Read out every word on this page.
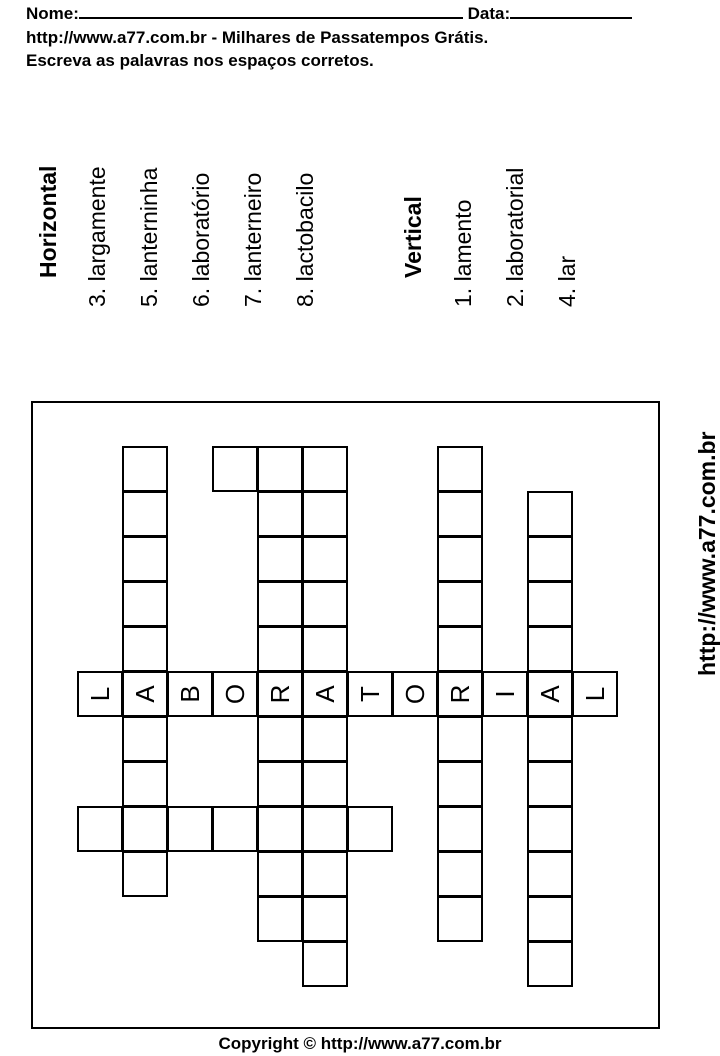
Nome:	Data:
http://www.a77.com.br - Milhares de Passatempos Grátis.
Escreva as palavras nos espaços corretos.
Horizontal 3. largamente 5. lanterninha 6. laboratório 7. lanterneiro 8. lactobacilo	Vertical 1. lamento 2. laboratorial 4. lar
A	R A	R A
L B O	T O I L
http://www.a77.com.br
Copyright © http://www.a77.com.br
